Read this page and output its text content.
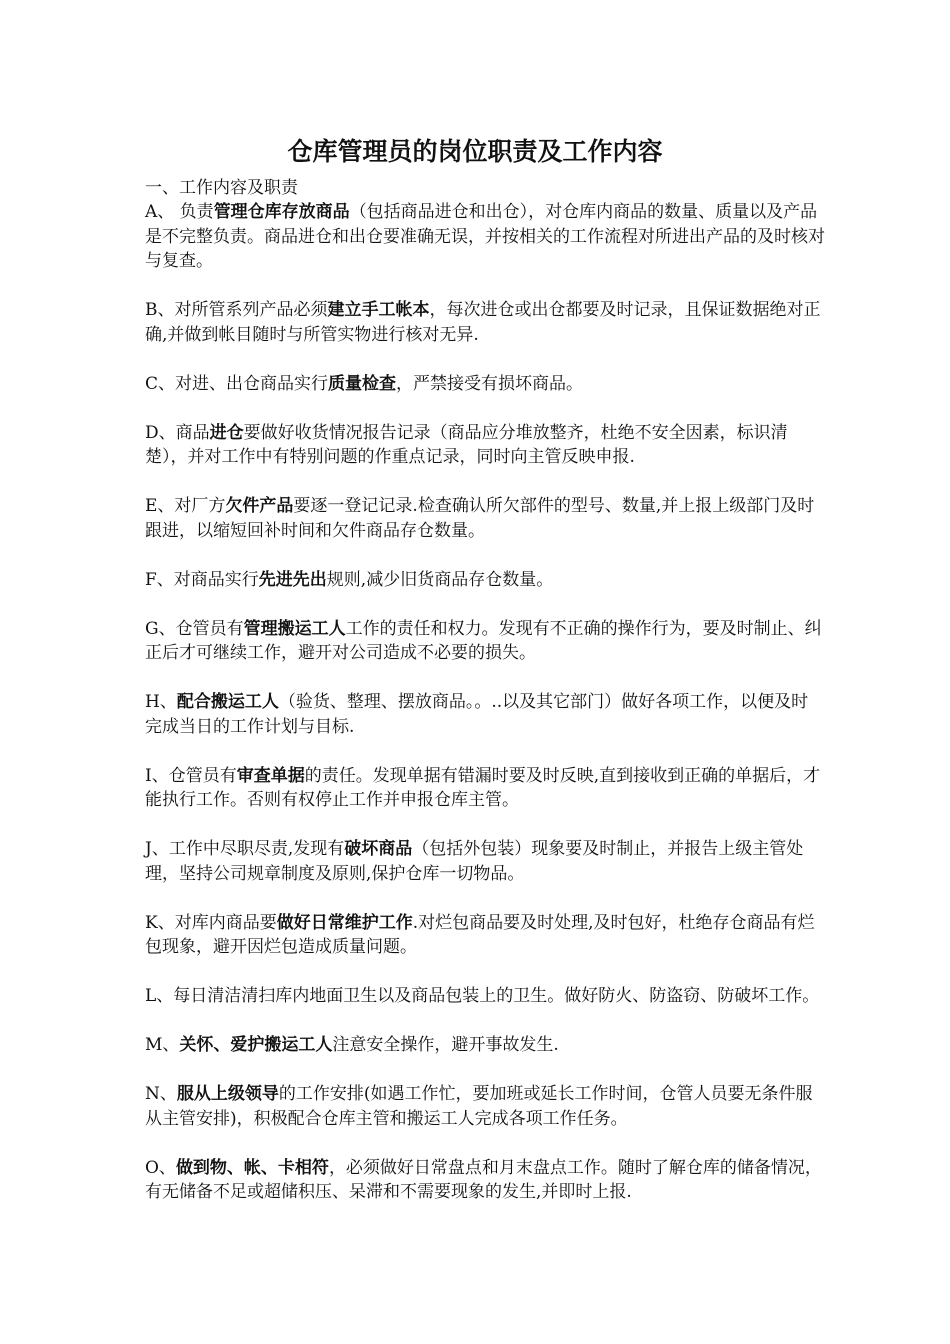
仓库管理员的岗位职责及工作内容
一、工作内容及职责
A、 负责管理仓库存放商品（包括商品进仓和出仓），对仓库内商品的数量、质量以及产品是不完整负责。商品进仓和出仓要准确无误，并按相关的工作流程对所进出产品的及时核对与复查。
B、对所管系列产品必须建立手工帐本，每次进仓或出仓都要及时记录，且保证数据绝对正确,并做到帐目随时与所管实物进行核对无异.
C、对进、出仓商品实行质量检查，严禁接受有损坏商品。
D、商品进仓要做好收货情况报告记录（商品应分堆放整齐，杜绝不安全因素，标识清楚），并对工作中有特别问题的作重点记录，同时向主管反映申报.
E、对厂方欠件产品要逐一登记记录.检查确认所欠部件的型号、数量,并上报上级部门及时跟进，以缩短回补时间和欠件商品存仓数量。
F、对商品实行先进先出规则,减少旧货商品存仓数量。
G、仓管员有管理搬运工人工作的责任和权力。发现有不正确的操作行为，要及时制止、纠正后才可继续工作，避开对公司造成不必要的损失。
H、配合搬运工人（验货、整理、摆放商品。。..以及其它部门）做好各项工作，以便及时完成当日的工作计划与目标.
I、仓管员有审查单据的责任。发现单据有错漏时要及时反映,直到接收到正确的单据后，才能执行工作。否则有权停止工作并申报仓库主管。
J、工作中尽职尽责,发现有破坏商品（包括外包装）现象要及时制止，并报告上级主管处理，坚持公司规章制度及原则,保护仓库一切物品。
K、对库内商品要做好日常维护工作.对烂包商品要及时处理,及时包好，杜绝存仓商品有烂包现象，避开因烂包造成质量问题。
L、每日清洁清扫库内地面卫生以及商品包装上的卫生。做好防火、防盗窃、防破坏工作。
M、关怀、爱护搬运工人注意安全操作，避开事故发生.
N、服从上级领导的工作安排(如遇工作忙，要加班或延长工作时间，仓管人员要无条件服从主管安排)，积极配合仓库主管和搬运工人完成各项工作任务。
O、做到物、帐、卡相符，必须做好日常盘点和月末盘点工作。随时了解仓库的储备情况，有无储备不足或超储积压、呆滞和不需要现象的发生,并即时上报.
